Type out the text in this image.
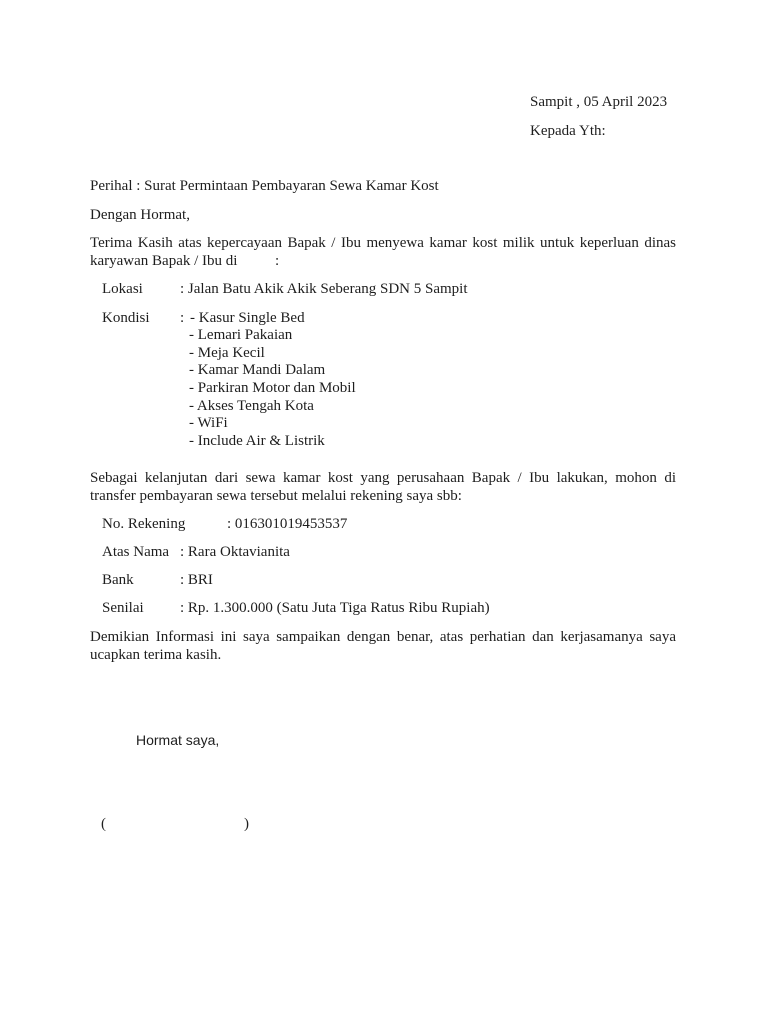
Sampit , 05 April 2023
Kepada Yth:
Perihal : Surat Permintaan Pembayaran Sewa Kamar Kost
Dengan Hormat,
Terima Kasih atas kepercayaan Bapak / Ibu menyewa kamar kost milik untuk keperluan dinas karyawan Bapak / Ibu di          :
Lokasi : Jalan Batu Akik Akik Seberang SDN 5 Sampit
Kondisi : - Kasur Single Bed
- Lemari Pakaian
- Meja Kecil
- Kamar Mandi Dalam
- Parkiran Motor dan Mobil
- Akses Tengah Kota
- WiFi
- Include Air & Listrik
Sebagai kelanjutan dari sewa kamar kost yang perusahaan Bapak / Ibu lakukan, mohon di transfer pembayaran sewa tersebut melalui rekening saya sbb:
No. Rekening	: 016301019453537
Atas Nama : Rara Oktavianita
Bank	: BRI
Senilai : Rp. 1.300.000 (Satu Juta Tiga Ratus Ribu Rupiah)
Demikian Informasi ini saya sampaikan dengan benar, atas perhatian dan kerjasamanya saya ucapkan terima kasih.
Hormat saya,
(	)
